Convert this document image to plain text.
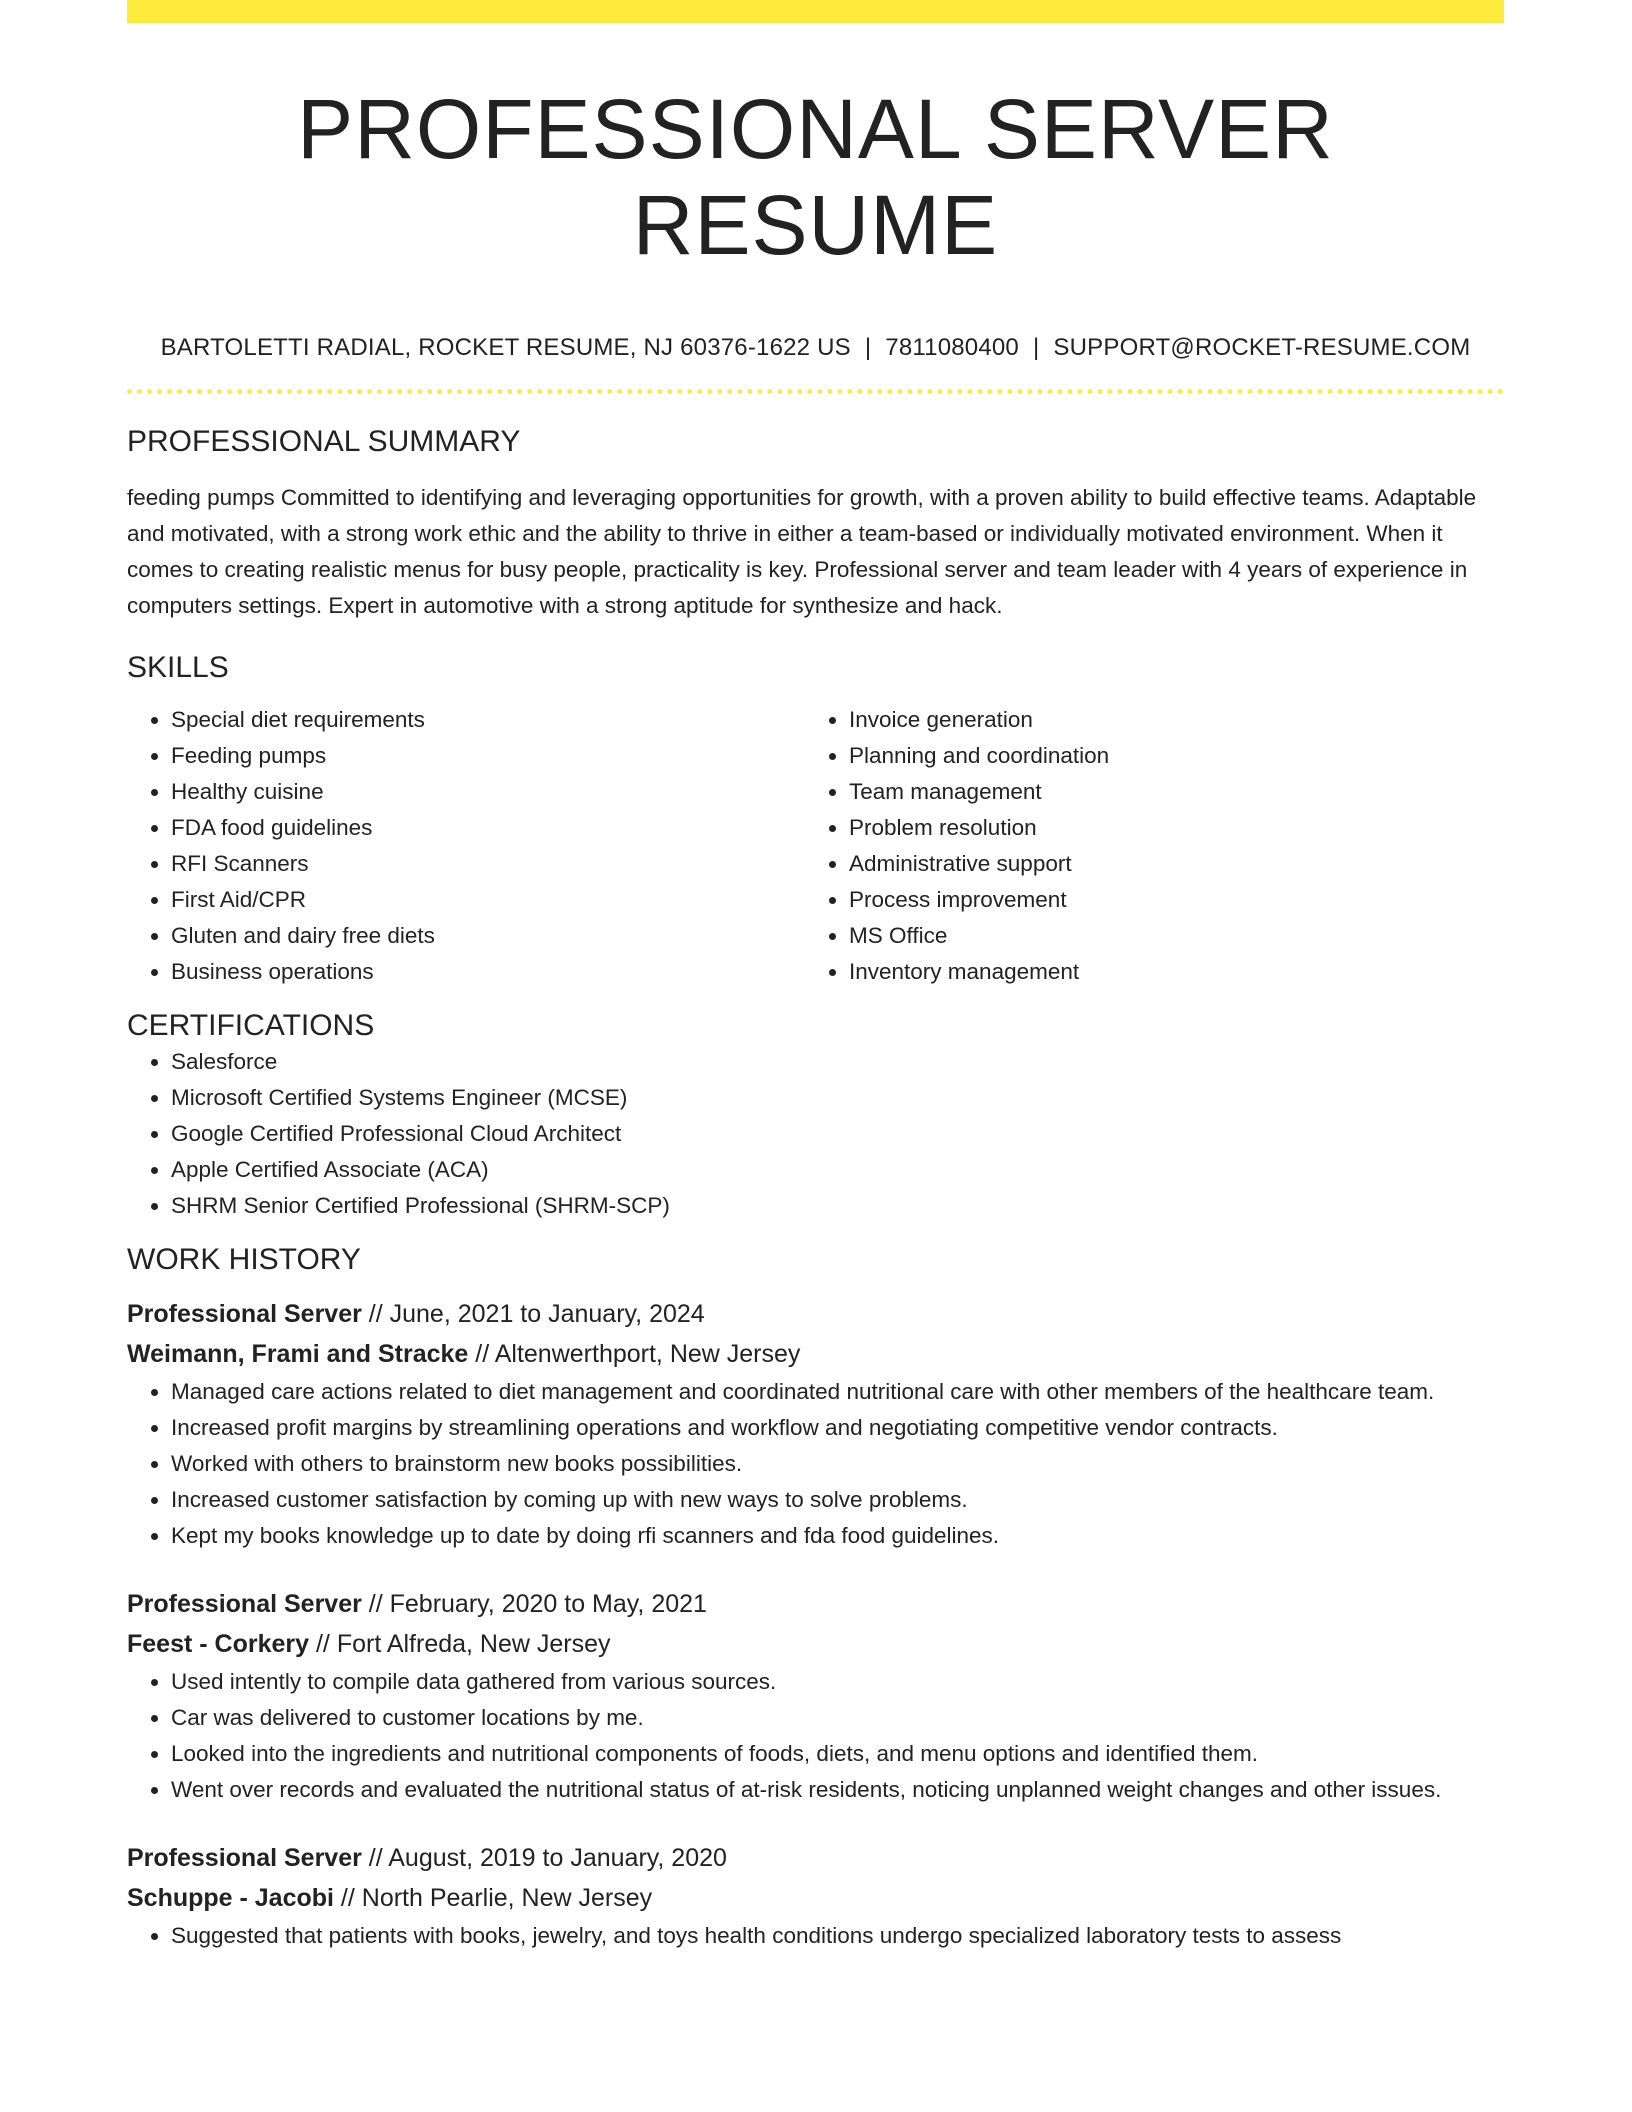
PROFESSIONAL SERVER RESUME
BARTOLETTI RADIAL, ROCKET RESUME, NJ 60376-1622 US | 7811080400 | SUPPORT@ROCKET-RESUME.COM
PROFESSIONAL SUMMARY

feeding pumps Committed to identifying and leveraging opportunities for growth, with a proven ability to build effective teams. Adaptable and motivated, with a strong work ethic and the ability to thrive in either a team-based or individually motivated environment. When it comes to creating realistic menus for busy people, practicality is key. Professional server and team leader with 4 years of experience in computers settings. Expert in automotive with a strong aptitude for synthesize and hack.

SKILLS
• Special diet requirements
• Feeding pumps
• Healthy cuisine
• FDA food guidelines
• RFI Scanners
• First Aid/CPR
• Gluten and dairy free diets
• Business operations
• Invoice generation
• Planning and coordination
• Team management
• Problem resolution
• Administrative support
• Process improvement
• MS Office
• Inventory management
CERTIFICATIONS
• Salesforce
• Microsoft Certified Systems Engineer (MCSE)
• Google Certified Professional Cloud Architect
• Apple Certified Associate (ACA)
• SHRM Senior Certified Professional (SHRM-SCP)
WORK HISTORY
Professional Server // June, 2021 to January, 2024
Weimann, Frami and Stracke // Altenwerthport, New Jersey
• Managed care actions related to diet management and coordinated nutritional care with other members of the healthcare team.
• Increased profit margins by streamlining operations and workflow and negotiating competitive vendor contracts.
• Worked with others to brainstorm new books possibilities.
• Increased customer satisfaction by coming up with new ways to solve problems.
• Kept my books knowledge up to date by doing rfi scanners and fda food guidelines.
Professional Server // February, 2020 to May, 2021
Feest - Corkery // Fort Alfreda, New Jersey
• Used intently to compile data gathered from various sources.
• Car was delivered to customer locations by me.
• Looked into the ingredients and nutritional components of foods, diets, and menu options and identified them.
• Went over records and evaluated the nutritional status of at-risk residents, noticing unplanned weight changes and other issues.
Professional Server // August, 2019 to January, 2020
Schuppe - Jacobi // North Pearlie, New Jersey
• Suggested that patients with books, jewelry, and toys health conditions undergo specialized laboratory tests to assess
